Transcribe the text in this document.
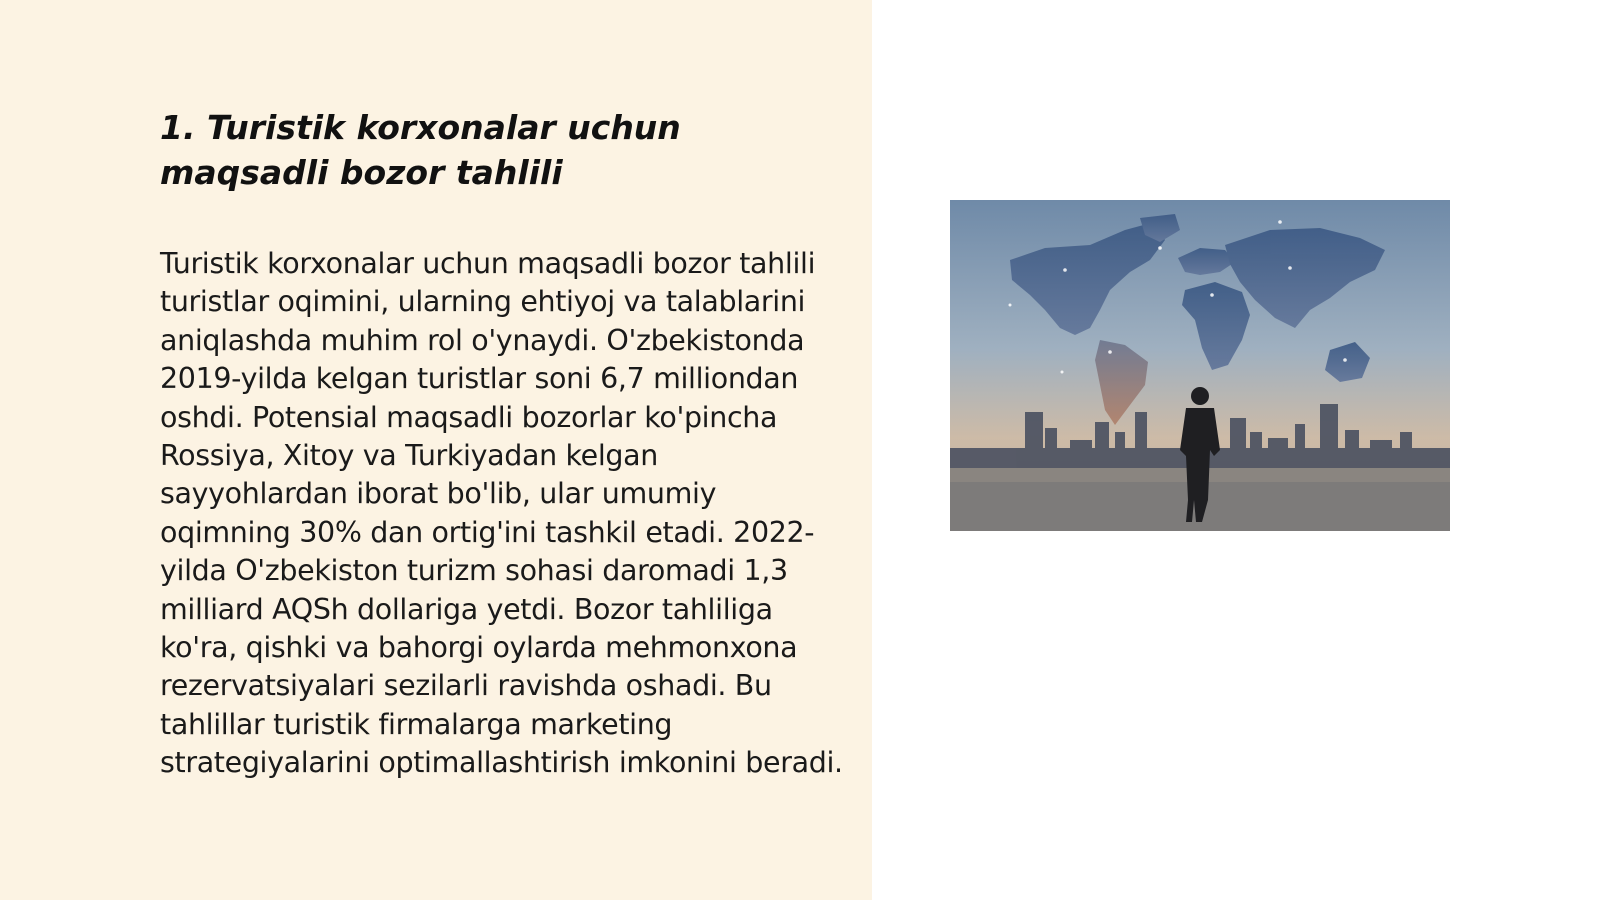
1. Turistik korxonalar uchun maqsadli bozor tahlili

Turistik korxonalar uchun maqsadli bozor tahlili turistlar oqimini, ularning ehtiyoj va talablarini aniqlashda muhim rol o'ynaydi. O'zbekistonda 2019-yilda kelgan turistlar soni 6,7 milliondan oshdi. Potensial maqsadli bozorlar ko'pincha Rossiya, Xitoy va Turkiyadan kelgan sayyohlardan iborat bo'lib, ular umumiy oqimning 30% dan ortig'ini tashkil etadi. 2022-yilda O'zbekiston turizm sohasi daromadi 1,3 milliard AQSh dollariga yetdi. Bozor tahliliga ko'ra, qishki va bahorgi oylarda mehmonxona rezervatsiyalari sezilarli ravishda oshadi. Bu tahlillar turistik firmalarga marketing strategiyalarini optimallashtirish imkonini beradi.
